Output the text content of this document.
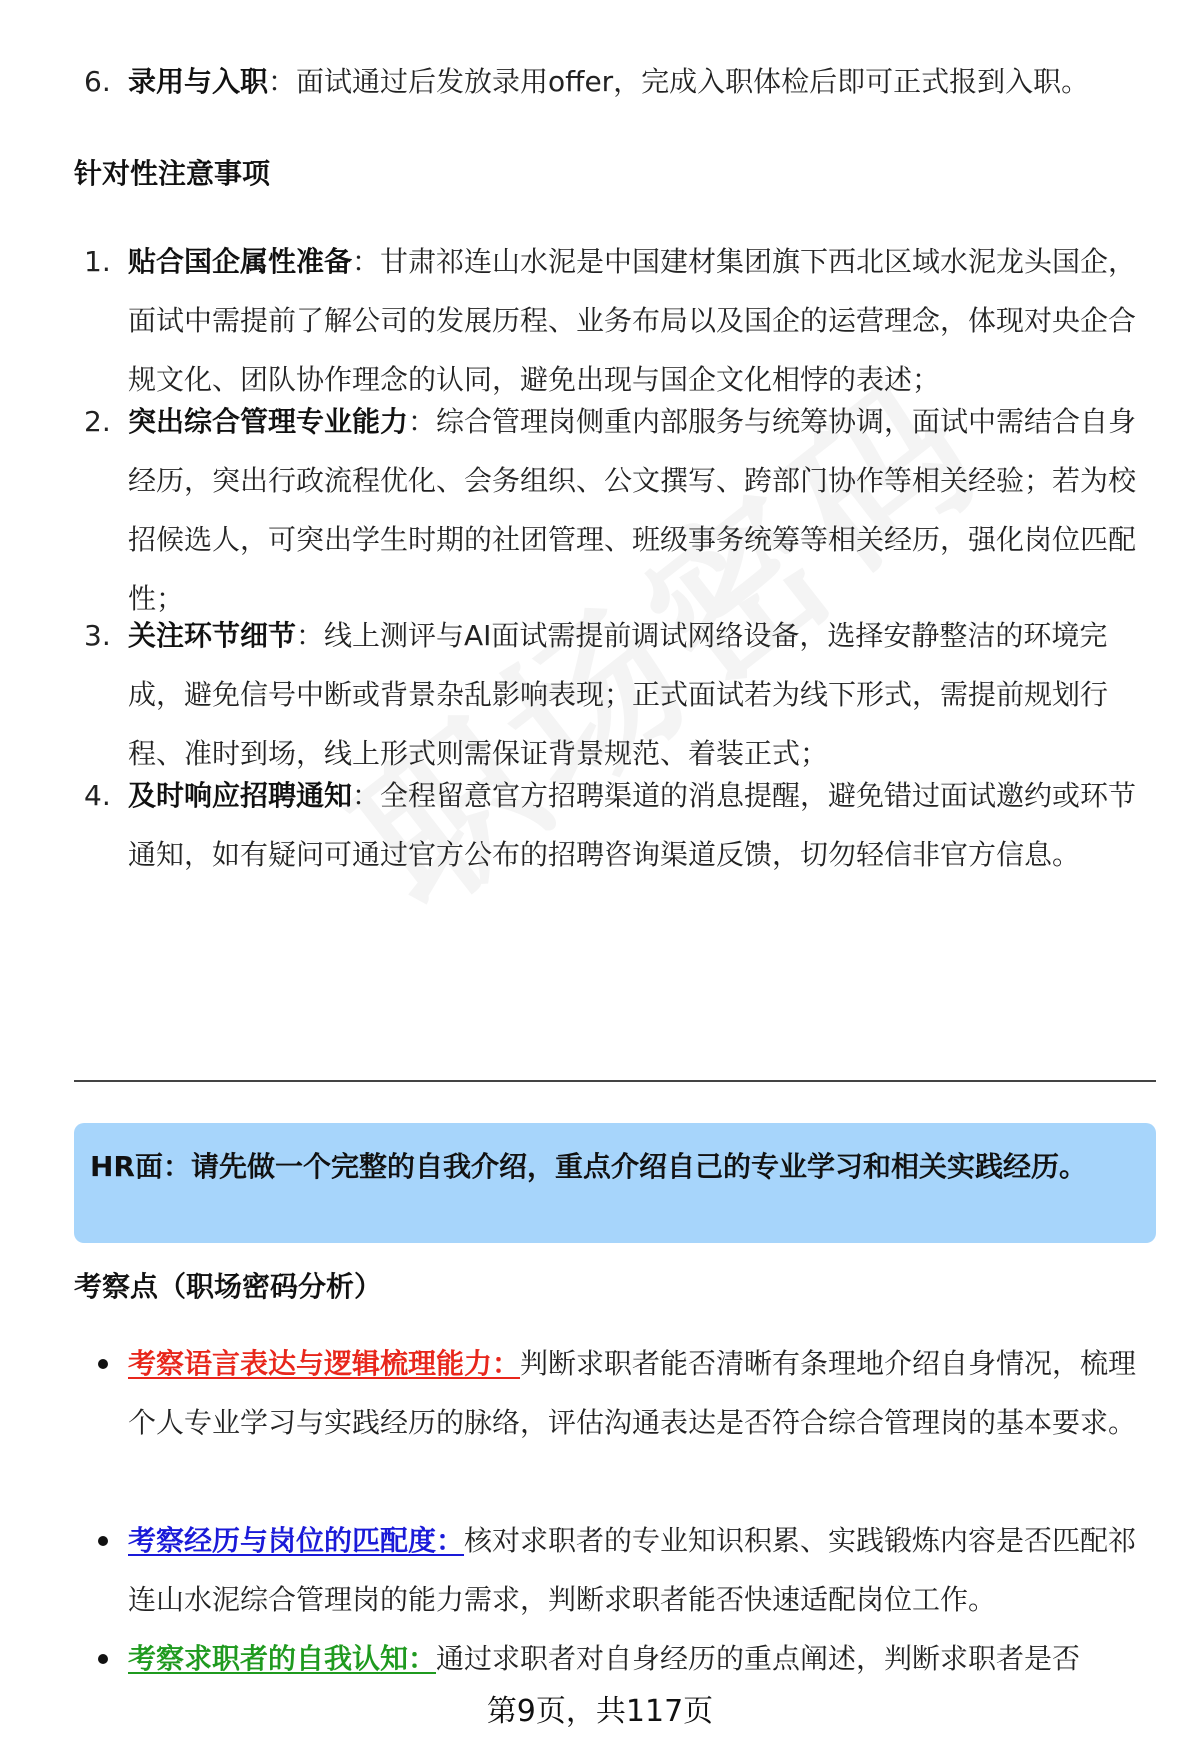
6. 录用与入职：面试通过后发放录用offer，完成入职体检后即可正式报到入职。
针对性注意事项
1. 贴合国企属性准备：甘肃祁连山水泥是中国建材集团旗下西北区域水泥龙头国企，面试中需提前了解公司的发展历程、业务布局以及国企的运营理念，体现对央企合规文化、团队协作理念的认同，避免出现与国企文化相悖的表述；
2. 突出综合管理专业能力：综合管理岗侧重内部服务与统筹协调，面试中需结合自身经历，突出行政流程优化、会务组织、公文撰写、跨部门协作等相关经验；若为校招候选人，可突出学生时期的社团管理、班级事务统筹等相关经历，强化岗位匹配性；
3. 关注环节细节：线上测评与AI面试需提前调试网络设备，选择安静整洁的环境完成，避免信号中断或背景杂乱影响表现；正式面试若为线下形式，需提前规划行程、准时到场，线上形式则需保证背景规范、着装正式；
4. 及时响应招聘通知：全程留意官方招聘渠道的消息提醒，避免错过面试邀约或环节通知，如有疑问可通过官方公布的招聘咨询渠道反馈，切勿轻信非官方信息。
HR面：请先做一个完整的自我介绍，重点介绍自己的专业学习和相关实践经历。
考察点（职场密码分析）
考察语言表达与逻辑梳理能力：判断求职者能否清晰有条理地介绍自身情况，梳理个人专业学习与实践经历的脉络，评估沟通表达是否符合综合管理岗的基本要求。
考察经历与岗位的匹配度：核对求职者的专业知识积累、实践锻炼内容是否匹配祁连山水泥综合管理岗的能力需求，判断求职者能否快速适配岗位工作。
考察求职者的自我认知：通过求职者对自身经历的重点阐述，判断求职者是否
第9页，共117页
